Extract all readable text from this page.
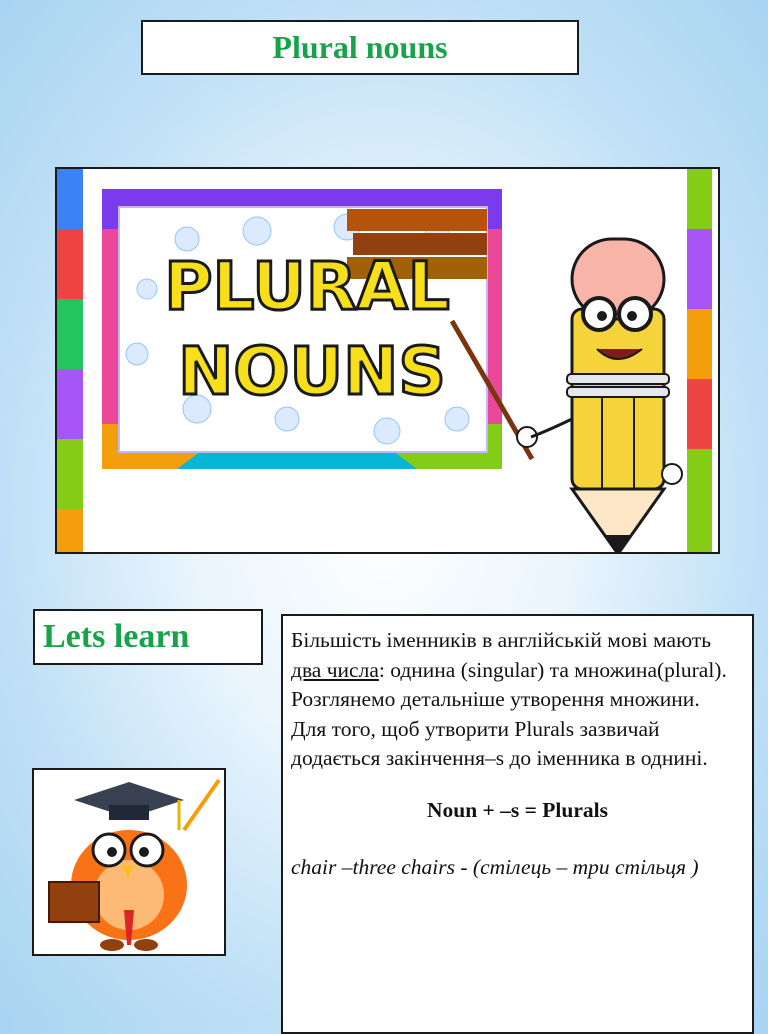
Plural nouns
PLURAL
NOUNS
Lets learn	Більшість іменників в англійській мові мають два числа: однина (singular) та множина(plural).

Розглянемо детальніше утворення множини.

Для того, щоб утворити Plurals зазвичай додається закінчення–s до іменника в однині.

Noun + –s = Plurals

chair –three chairs - (стілець – три стільця )
